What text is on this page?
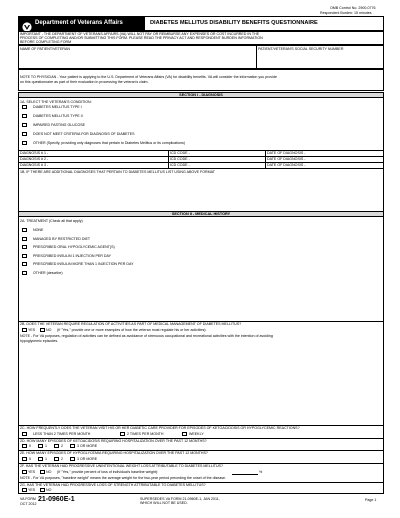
OMB Control No. 2900-0776
Respondent Burden: 15 minutes
Department of Veterans Affairs	DIABETES MELLITUS DISABILITY BENEFITS QUESTIONNAIRE
IMPORTANT - THE DEPARTMENT OF VETERANS AFFAIRS (VA) WILL NOT PAY OR REIMBURSE ANY EXPENSES OR COST INCURRED IN THE
PROCESS OF COMPLETING AND/OR SUBMITTING THIS FORM. PLEASE READ THE PRIVACY ACT AND RESPONDENT BURDEN INFORMATION
BEFORE COMPLETING FORM
NAME OF PATIENT/VETERAN	PATIENT/VETERAN'S SOCIAL SECURITY NUMBER
NOTE TO PHYSICIAN - Your patient is applying to the U.S. Department of Veterans Affairs (VA) for disability benefits. VA will consider the information you provide
on this questionnaire as part of their evaluation in processing the veteran's claim.
SECTION I - DIAGNOSIS
1A. SELECT THE VETERAN'S CONDITION:
DIABETES MELLITUS TYPE I
DIABETES MELLITUS TYPE II
IMPAIRED FASTING GLUCOSE
DOES NOT MEET CRITERIA FOR DIAGNOSIS OF DIABETES
OTHER (Specify, providing only diagnoses that pertain to Diabetes Mellitus or its complications)
DIAGNOSIS # 1 -	ICD CODE -	DATE OF DIAGNOSIS -
DIAGNOSIS # 2 -	ICD CODE -	DATE OF DIAGNOSIS -
DIAGNOSIS # 3 -	ICD CODE -	DATE OF DIAGNOSIS -
1B. IF THERE ARE ADDITIONAL DIAGNOSES THAT PERTAIN TO DIABETES MELLITUS LIST USING ABOVE FORMAT
SECTION II - MEDICAL HISTORY
2A. TREATMENT (Check all that apply)
NONE
MANAGED BY RESTRICTED DIET
PRESCRIBED ORAL HYPOGLYCEMIC AGENT(S)
PRESCRIBED INSULIN 1 INJECTION PER DAY
PRESCRIBED INSULIN MORE THAN 1 INJECTION PER DAY
OTHER (describe)
2B. DOES THE VETERAN REQUIRE REGULATION OF ACTIVITIES AS PART OF MEDICAL MANAGEMENT OF DIABETES MELLITUS?
YES	NO (If "Yes," provide one or more examples of how the veteran must regulate his or her activities):
NOTE - For VA purposes, regulation of activities can be defined as avoidance of strenuous occupational and recreational activities with the intention of avoiding
hypoglycemic episodes.
2C. HOW FREQUENTLY DOES THE VETERAN VISIT HIS OR HER DIABETIC CARE PROVIDER FOR EPISODES OF KETOACIDOSIS OR HYPOGLYCEMIC REACTIONS?
LESS THAN 2 TIMES PER MONTH	2 TIMES PER MONTH	WEEKLY
2D. HOW MANY EPISODES OF KETOACIDOSIS REQUIRING HOSPITALIZATION OVER THE PAST 12 MONTHS?
0	1	2	3 OR MORE
2E. HOW MANY EPISODES OF HYPOGLYCEMIA REQUIRING HOSPITALIZATION OVER THE PAST 12 MONTHS?
0	1	2	3 OR MORE
2F. HAS THE VETERAN HAD PROGRESSIVE UNINTENTIONAL WEIGHT LOSS ATTRIBUTABLE TO DIABETES MELLITUS?
YES	NO (If "Yes," provide percent of loss of individual's baseline weight):	%
NOTE - For VA purposes, "baseline weight" means the average weight for the two-year period preceding the onset of the disease.
2G. HAS THE VETERAN HAD PROGRESSIVE LOSS OF STRENGTH ATTRIBUTABLE TO DIABETES MELLITUS?
YES	NO
VA FORM
OCT 2012
21-0960E-1	SUPERSEDES VA FORM 21-0960E-1, JAN 2011,
WHICH WILL NOT BE USED.
Page 1
